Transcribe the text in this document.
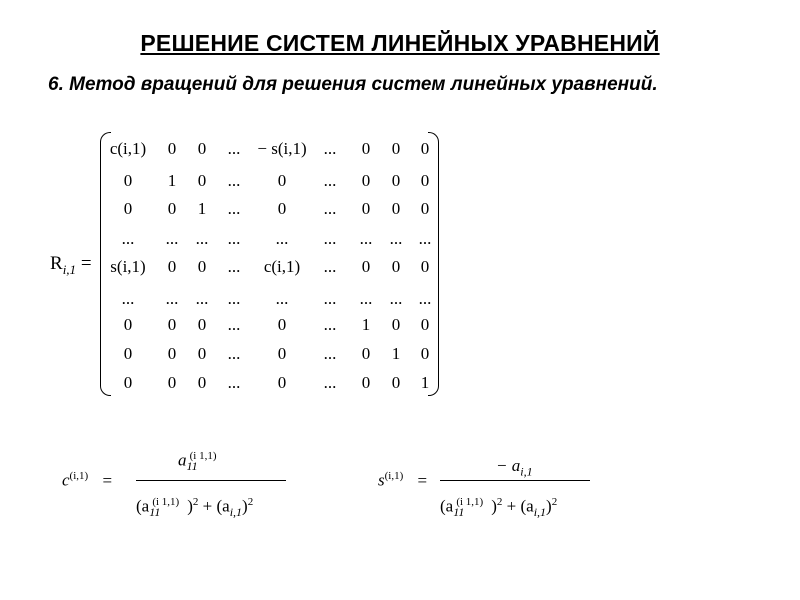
РЕШЕНИЕ СИСТЕМ ЛИНЕЙНЫХ УРАВНЕНИЙ
6. Метод вращений для решения систем линейных уравнений.
$R_{i,1}$ =
c(i,1) 0 0 ... − s(i,1) ... 0 0 0
0 1 0 ... 0 ... 0 0 0
0 0 1 ... 0 ... 0 0 0
... ... ... ... ... ... ... ... ...
s(i,1) 0 0 ... c(i,1) ... 0 0 0
... ... ... ... ... ... ... ... ...
0 0 0 ... 0 ... 1 0 0
0 0 0 ... 0 ... 0 1 0
0 0 0 ... 0 ... 0 0 1
$c^{(i,1)}$ =
$a_{11}^{(i 1,1)}$
($a_{11}^{(i 1,1)}$ )$^2 + (a_{i,1})^2$
$s^{(i,1)}$ =
− $a_{i,1}$
($a_{11}^{(i 1,1)}$ )$^2 + (a_{i,1})^2$
